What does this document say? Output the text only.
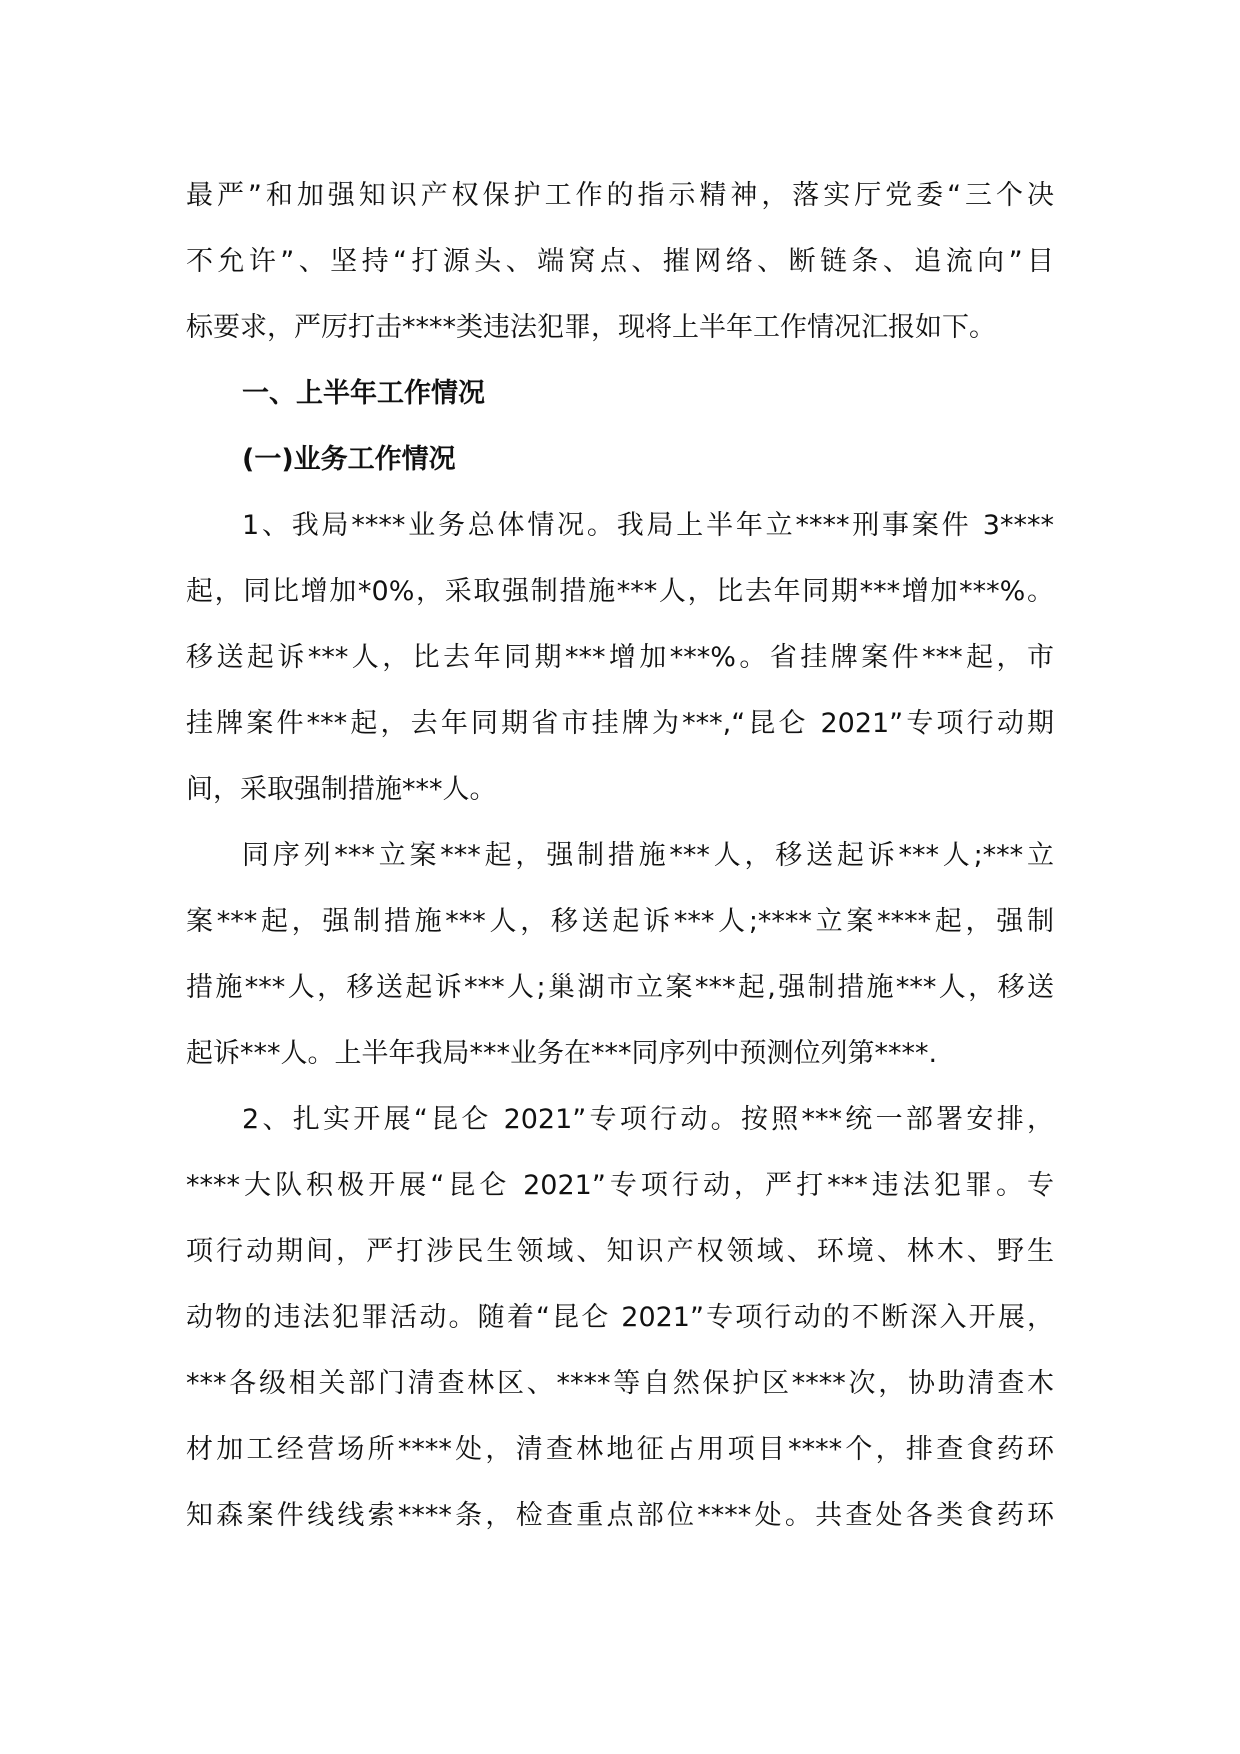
最严”和加强知识产权保护工作的指示精神，落实厅党委“三个决
不允许”、坚持“打源头、端窝点、摧网络、断链条、追流向”目
标要求，严厉打击****类违法犯罪，现将上半年工作情况汇报如下。
一、上半年工作情况
(一)业务工作情况
1、我局****业务总体情况。我局上半年立****刑事案件 3****
起，同比增加*0%，采取强制措施***人，比去年同期***增加***%。
移送起诉***人，比去年同期***增加***%。省挂牌案件***起，市
挂牌案件***起，去年同期省市挂牌为***,“昆仑 2021”专项行动期
间，采取强制措施***人。
同序列***立案***起，强制措施***人，移送起诉***人;***立
案***起，强制措施***人，移送起诉***人;****立案****起，强制
措施***人，移送起诉***人;巢湖市立案***起,强制措施***人，移送
起诉***人。上半年我局***业务在***同序列中预测位列第****.
2、扎实开展“昆仑 2021”专项行动。按照***统一部署安排，
****大队积极开展“昆仑 2021”专项行动，严打***违法犯罪。专
项行动期间，严打涉民生领域、知识产权领域、环境、林木、野生
动物的违法犯罪活动。随着“昆仑 2021”专项行动的不断深入开展，
***各级相关部门清查林区、****等自然保护区****次，协助清查木
材加工经营场所****处，清查林地征占用项目****个，排查食药环
知森案件线线索****条，检查重点部位****处。共查处各类食药环
